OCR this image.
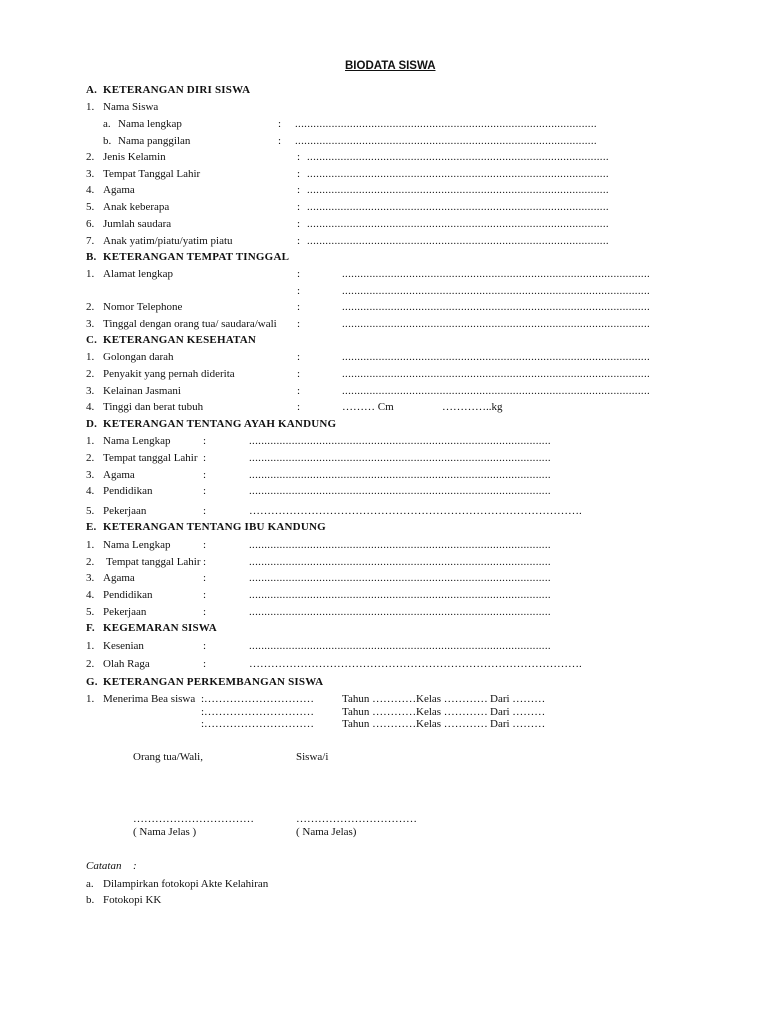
BIODATA SISWA
A. KETERANGAN DIRI SISWA
1. Nama Siswa
a. Nama lengkap	: ...................................................................................................
b. Nama panggilan	: ...................................................................................................
2. Jenis Kelamin	: ...................................................................................................
3. Tempat Tanggal Lahir	: ...................................................................................................
4. Agama	: ...................................................................................................
5. Anak keberapa	: ...................................................................................................
6. Jumlah saudara	: ...................................................................................................
7. Anak yatim/piatu/yatim piatu	: ...................................................................................................
B. KETERANGAN TEMPAT TINGGAL
1. Alamat lengkap	:	.....................................................................................................
:	.....................................................................................................
2. Nomor Telephone	:	.....................................................................................................
3. Tinggal dengan orang tua/ saudara/wali :	.....................................................................................................
C. KETERANGAN KESEHATAN
1. Golongan darah	:	.....................................................................................................
2. Penyakit yang pernah diderita	:	.....................................................................................................
3. Kelainan Jasmani	:	.....................................................................................................
4. Tinggi dan berat tubuh	:	……… Cm	…………..kg
D. KETERANGAN TENTANG AYAH KANDUNG
1. Nama Lengkap	:	...................................................................................................
2. Tempat tanggal Lahir :	...................................................................................................
3. Agama	:	...................................................................................................
4. Pendidikan	:	...................................................................................................
5. Pekerjaan	:	……………………………………………………………………………….
E. KETERANGAN TENTANG IBU KANDUNG
1. Nama Lengkap	:	...................................................................................................
2. Tempat tanggal Lahir :	...................................................................................................
3. Agama	:	...................................................................................................
4. Pendidikan	:	...................................................................................................
5. Pekerjaan	:	...................................................................................................
F. KEGEMARAN SISWA
1. Kesenian	:	...................................................................................................
2. Olah Raga	:	……………………………………………………………………………….
G. KETERANGAN PERKEMBANGAN SISWA
1. Menerima Bea siswa :…………………………	Tahun ………… Kelas ………… Dari ………
:…………………………	Tahun ………… Kelas ………… Dari ………
:…………………………	Tahun ………… Kelas ………… Dari ………
Orang tua/Wali,	Siswa/i
……………………………	……………………………
( Nama Jelas )	( Nama Jelas)
Catatan :
a. Dilampirkan fotokopi Akte Kelahiran
b. Fotokopi KK
